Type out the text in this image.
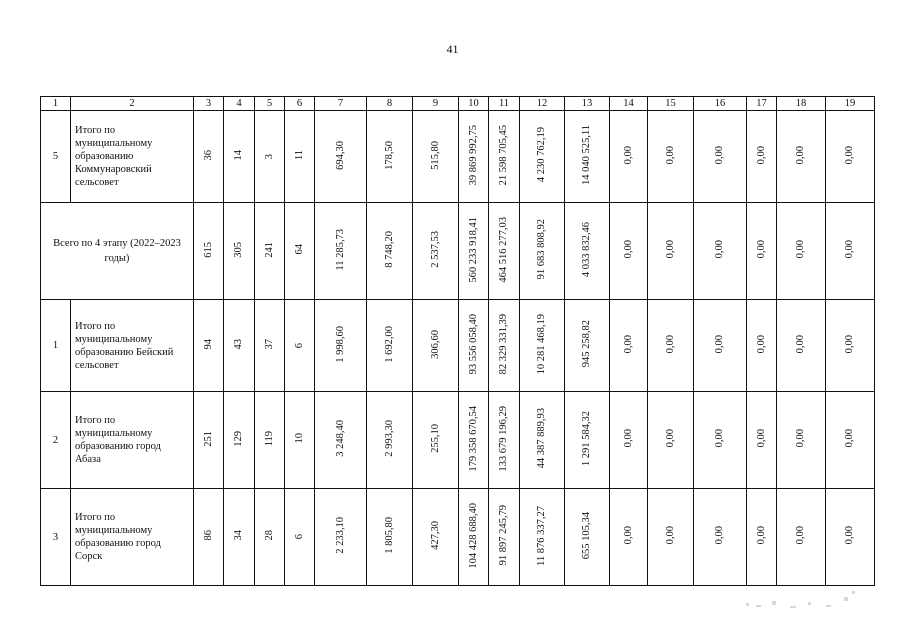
41
1	2	3	4	5	6	7	8	9	10	11	12	13	14	15	16	17	18	19
5	Итого по муниципальному образованию Коммунаровский сельсовет	36	14	3	11	694,30	178,50	515,80	39 869 992,75	21 598 705,45	4 230 762,19	14 040 525,11	0,00	0,00	0,00	0,00	0,00	0,00
Всего по 4 этапу (2022–2023 годы)		615	305	241	64	11 285,73	8 748,20	2 537,53	560 233 918,41	464 516 277,03	91 683 808,92	4 033 832,46	0,00	0,00	0,00	0,00	0,00	0,00
1	Итого по муниципальному образованию Бейский сельсовет	94	43	37	6	1 998,60	1 692,00	306,60	93 556 058,40	82 329 331,39	10 281 468,19	945 258,82	0,00	0,00	0,00	0,00	0,00	0,00
2	Итого по муниципальному образованию город Абаза	251	129	119	10	3 248,40	2 993,30	255,10	179 358 670,54	133 679 196,29	44 387 889,93	1 291 584,32	0,00	0,00	0,00	0,00	0,00	0,00
3	Итого по муниципальному образованию город Сорск	86	34	28	6	2 233,10	1 805,80	427,30	104 428 688,40	91 897 245,79	11 876 337,27	655 105,34	0,00	0,00	0,00	0,00	0,00	0,00
